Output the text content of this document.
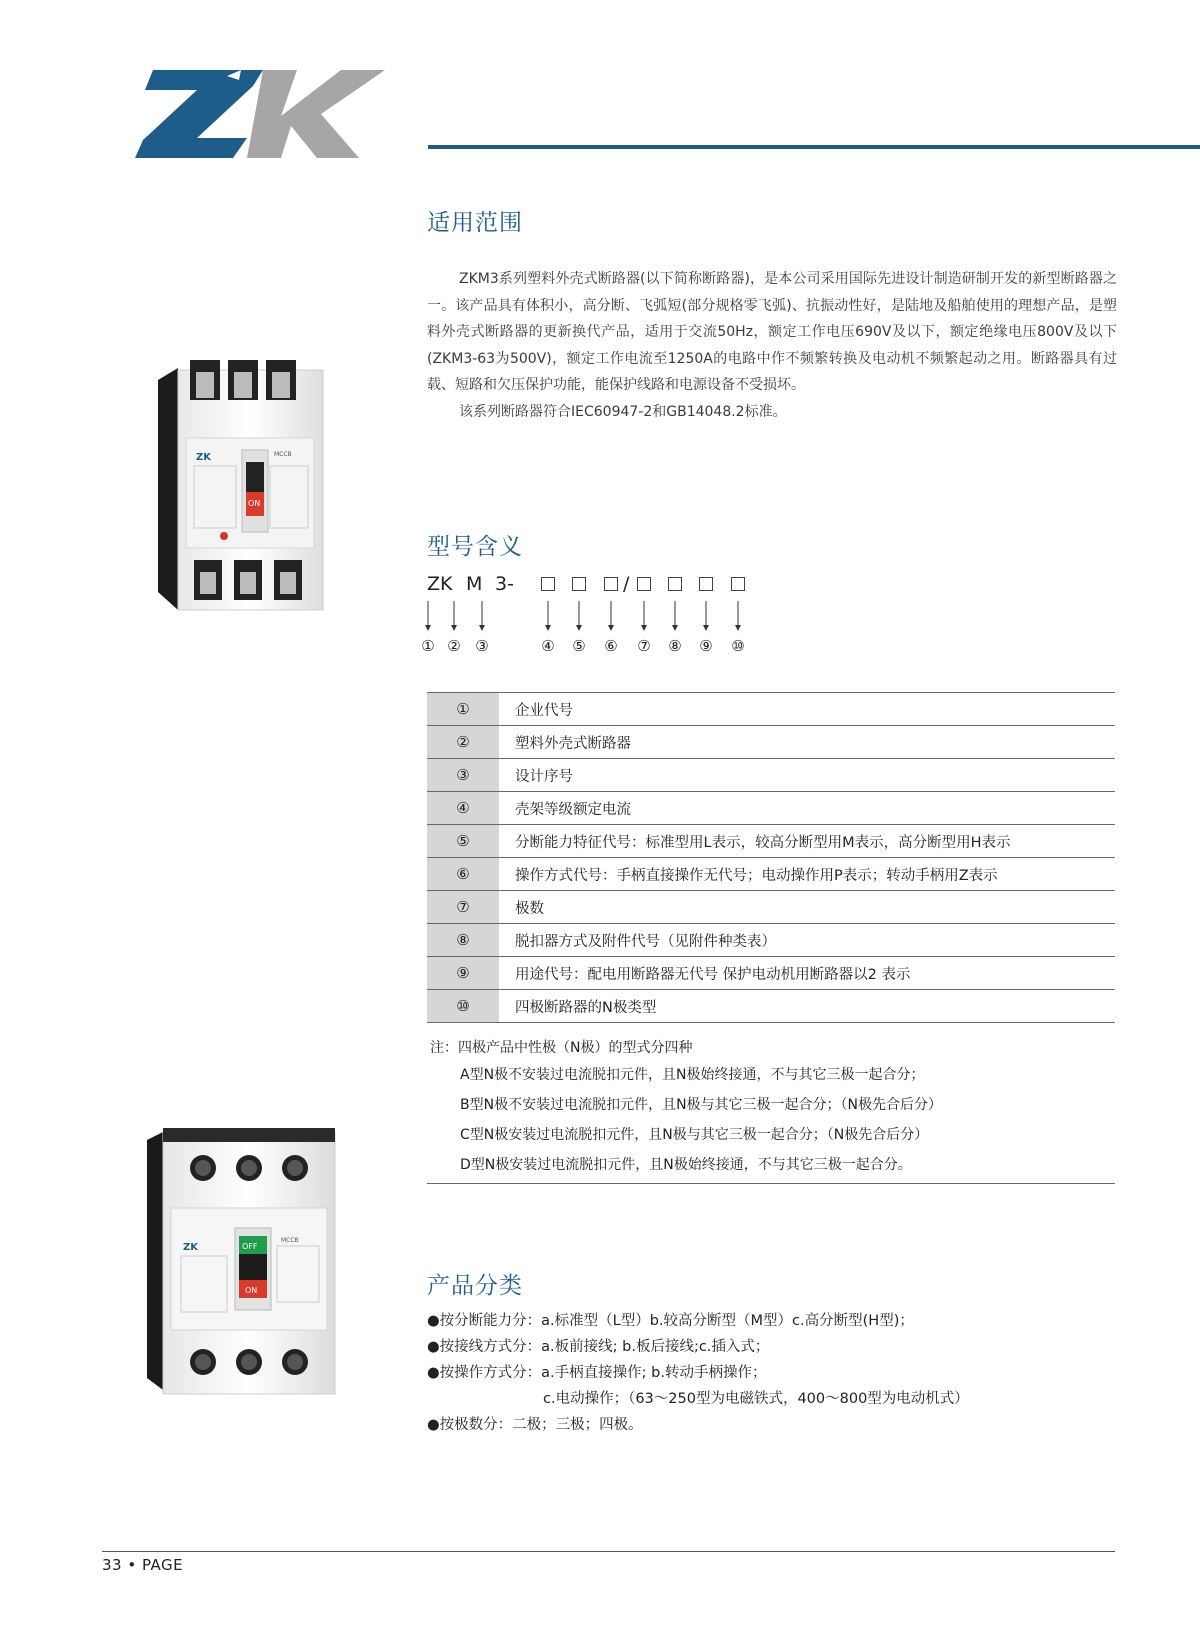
适用范围

ZKM3系列塑料外壳式断路器(以下简称断路器)，是本公司采用国际先进设计制造研制开发的新型断路器之一。该产品具有体积小，高分断、飞弧短(部分规格零飞弧)、抗振动性好，是陆地及船舶使用的理想产品，是塑料外壳式断路器的更新换代产品，适用于交流50Hz，额定工作电压690V及以下，额定绝缘电压800V及以下(ZKM3-63为500V)，额定工作电流至1250A的电路中作不频繁转换及电动机不频繁起动之用。断路器具有过载、短路和欠压保护功能，能保护线路和电源设备不受损坏。

该系列断路器符合IEC60947-2和GB14048.2标准。

ZK
ON
MCCB
型号含义
ZK M 3-	/
① ② ③	④ ⑤ ⑥ ⑦ ⑧ ⑨ ⑩
①	企业代号
②	塑料外壳式断路器
③	设计序号
④	壳架等级额定电流
⑤	分断能力特征代号：标准型用L表示，较高分断型用M表示，高分断型用H表示
⑥	操作方式代号：手柄直接操作无代号；电动操作用P表示；转动手柄用Z表示
⑦	极数
⑧	脱扣器方式及附件代号（见附件种类表）
⑨	用途代号：配电用断路器无代号 保护电动机用断路器以2 表示
⑩	四极断路器的N极类型
注：四极产品中性极（N极）的型式分四种
A型N极不安装过电流脱扣元件，且N极始终接通，不与其它三极一起合分；
B型N极不安装过电流脱扣元件，且N极与其它三极一起合分；（N极先合后分）
C型N极安装过电流脱扣元件，且N极与其它三极一起合分；（N极先合后分）
D型N极安装过电流脱扣元件，且N极始终接通，不与其它三极一起合分。
ZK
MCCB
OFF
ON	产品分类
●按分断能力分：a.标准型（L型）b.较高分断型（M型）c.高分断型(H型)；
●按接线方式分：a.板前接线; b.板后接线;c.插入式；
●按操作方式分：a.手柄直接操作; b.转动手柄操作；
c.电动操作；（63～250型为电磁铁式，400～800型为电动机式）
●按极数分：二极；三极；四极。
33 • PAGE
